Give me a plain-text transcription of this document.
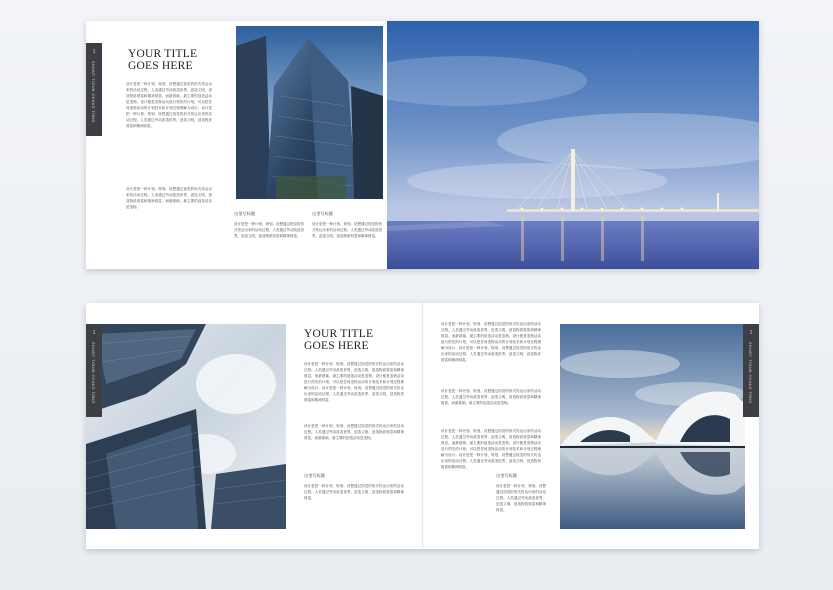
1
SHUATI TIOUN CHUAG TONG
YOUR TITLE
GOES HERE
设计是把一种计划、规划、设想通过视觉的形式传达出来的活动过程。人类通过劳动改造世界，创造文明，创造物质财富和精神财富，而最基础、最主要的创造活动是造物。设计便是造物活动进行预先的计划，可以把任何造物活动的计划技术和计划过程理解为设计。设计是把一种计划、规划、设想通过视觉的形式传达出来的活动过程。人类通过劳动改造世界，创造文明，创造物质财富和精神财富。
设计是把一种计划、规划、设想通过视觉的形式传达出来的活动过程。人类通过劳动改造世界，创造文明，创造物质财富和精神财富，而最基础、最主要的创造活动是造物。
这里写标题
设计是把一种计划、规划、设想通过视觉的形式传达出来的活动过程。人类通过劳动改造世界，创造文明，创造物质财富和精神财富。
这里写标题
设计是把一种计划、规划、设想通过视觉的形式传达出来的活动过程。人类通过劳动改造世界，创造文明，创造物质财富和精神财富。
YOUR TITLE
GOES HERE
设计是把一种计划、规划、设想通过视觉的形式传达出来的活动过程。人类通过劳动改造世界，创造文明，创造物质财富和精神财富，而最基础、最主要的创造活动是造物。设计便是造物活动进行预先的计划，可以把任何造物活动的计划技术和计划过程理解为设计。设计是把一种计划、规划、设想通过视觉的形式传达出来的活动过程。人类通过劳动改造世界，创造文明，创造物质财富和精神财富。
设计是把一种计划、规划、设想通过视觉的形式传达出来的活动过程。人类通过劳动改造世界，创造文明，创造物质财富和精神财富，而最基础、最主要的创造活动是造物。
这里写标题
设计是把一种计划、规划、设想通过视觉的形式传达出来的活动过程。人类通过劳动改造世界，创造文明，创造物质财富和精神财富。
设计是把一种计划、规划、设想通过视觉的形式传达出来的活动过程。人类通过劳动改造世界，创造文明，创造物质财富和精神财富，而最基础、最主要的创造活动是造物。设计便是造物活动进行预先的计划，可以把任何造物活动的计划技术和计划过程理解为设计。设计是把一种计划、规划、设想通过视觉的形式传达出来的活动过程。人类通过劳动改造世界，创造文明，创造物质财富和精神财富。
设计是把一种计划、规划、设想通过视觉的形式传达出来的活动过程。人类通过劳动改造世界，创造文明，创造物质财富和精神财富，而最基础、最主要的创造活动是造物。
设计是把一种计划、规划、设想通过视觉的形式传达出来的活动过程。人类通过劳动改造世界，创造文明，创造物质财富和精神财富，而最基础、最主要的创造活动是造物。设计便是造物活动进行预先的计划，可以把任何造物活动的计划技术和计划过程理解为设计。设计是把一种计划、规划、设想通过视觉的形式传达出来的活动过程。人类通过劳动改造世界，创造文明，创造物质财富和精神财富。
这里写标题
设计是把一种计划、规划、设想通过视觉的形式传达出来的活动过程。人类通过劳动改造世界，创造文明，创造物质财富和精神财富。
1
SHUATI TIOUN CHUAG TONG
1
SHUATI TIOUN CHUAG TONG
